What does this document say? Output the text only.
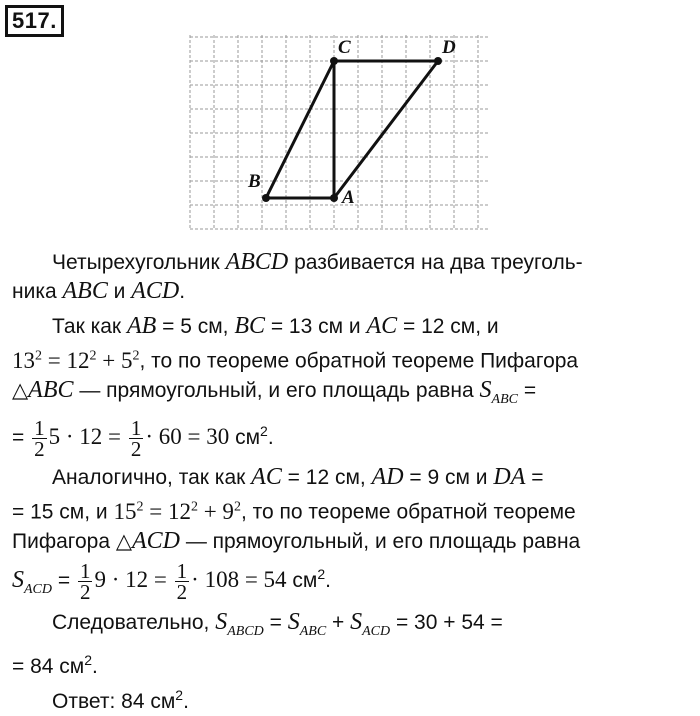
517.
A
B
C	D
Четырехугольник ABCD разбивается на два треуголь-
ника ABC и ACD.
Так как AB = 5 см, BC = 13 см и AC = 12 см, и
$13^2 = 12^2 + 5^2$, то по теореме обратной теореме Пифагора
△ABC — прямоугольный, и его площадь равна $S_{ABC}$ =
= $\frac{1}{2} 5 \cdot 12 = \frac{1}{2} \cdot 60 = 30$ $см^2$.
Аналогично, так как AC = 12 см, AD = 9 см и DA =
= 15 см, и $15^2 = 12^2 + 9^2$, то по теореме обратной теореме
Пифагора △ACD — прямоугольный, и его площадь равна
$S_{ACD} = \frac{1}{2} 9 \cdot 12 = \frac{1}{2} \cdot 108 = 54$ $см^2$.
Следовательно, $S_{ABCD} = S_{ABC} + S_{ACD} = 30 + 54$ =
= 84 $см^2$.
Ответ: 84 $см^2$.
